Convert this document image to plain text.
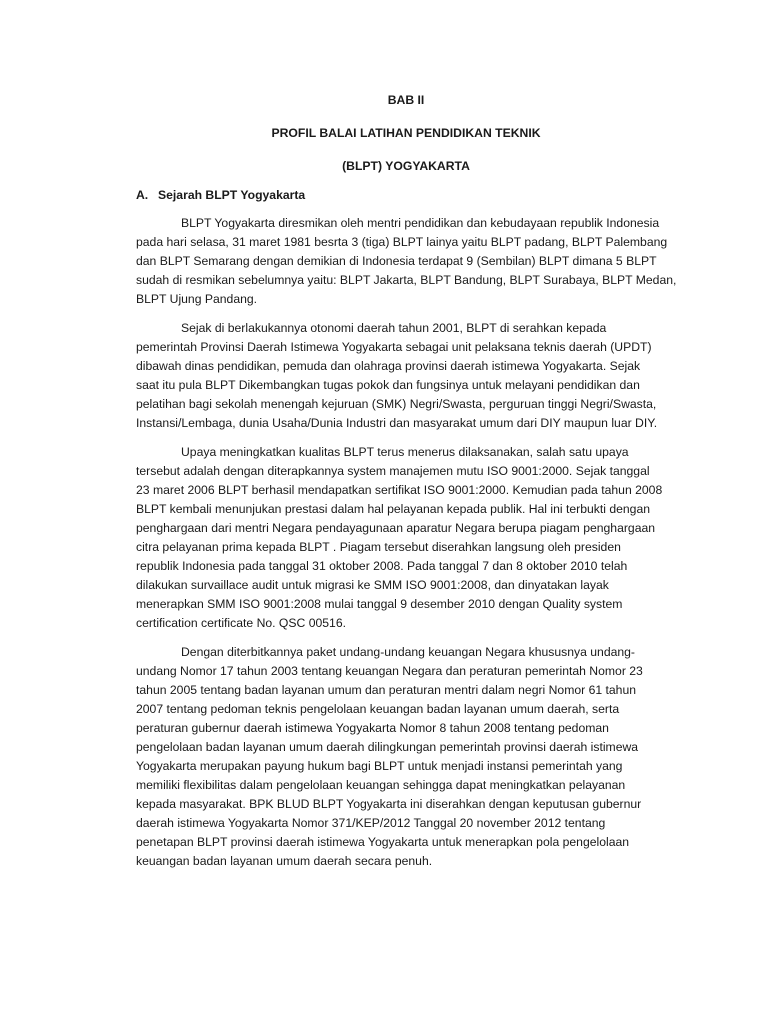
BAB II

PROFIL BALAI LATIHAN PENDIDIKAN TEKNIK

(BLPT) YOGYAKARTA

A. Sejarah BLPT Yogyakarta

BLPT Yogyakarta diresmikan oleh mentri pendidikan dan kebudayaan republik Indonesia
pada hari selasa, 31 maret 1981 besrta 3 (tiga) BLPT lainya yaitu BLPT padang, BLPT Palembang
dan BLPT Semarang dengan demikian di Indonesia terdapat 9 (Sembilan) BLPT dimana 5 BLPT
sudah di resmikan sebelumnya yaitu: BLPT Jakarta, BLPT Bandung, BLPT Surabaya, BLPT Medan,
BLPT Ujung Pandang.

Sejak di berlakukannya otonomi daerah tahun 2001, BLPT di serahkan kepada
pemerintah Provinsi Daerah Istimewa Yogyakarta sebagai unit pelaksana teknis daerah (UPDT)
dibawah dinas pendidikan, pemuda dan olahraga provinsi daerah istimewa Yogyakarta. Sejak
saat itu pula BLPT Dikembangkan tugas pokok dan fungsinya untuk melayani pendidikan dan
pelatihan bagi sekolah menengah kejuruan (SMK) Negri/Swasta, perguruan tinggi Negri/Swasta,
Instansi/Lembaga, dunia Usaha/Dunia Industri dan masyarakat umum dari DIY maupun luar DIY.

Upaya meningkatkan kualitas BLPT terus menerus dilaksanakan, salah satu upaya
tersebut adalah dengan diterapkannya system manajemen mutu ISO 9001:2000. Sejak tanggal
23 maret 2006 BLPT berhasil mendapatkan sertifikat ISO 9001:2000. Kemudian pada tahun 2008
BLPT kembali menunjukan prestasi dalam hal pelayanan kepada publik. Hal ini terbukti dengan
penghargaan dari mentri Negara pendayagunaan aparatur Negara berupa piagam penghargaan
citra pelayanan prima kepada BLPT . Piagam tersebut diserahkan langsung oleh presiden
republik Indonesia pada tanggal 31 oktober 2008. Pada tanggal 7 dan 8 oktober 2010 telah
dilakukan survaillace audit untuk migrasi ke SMM ISO 9001:2008, dan dinyatakan layak
menerapkan SMM ISO 9001:2008 mulai tanggal 9 desember 2010 dengan Quality system
certification certificate No. QSC 00516.

Dengan diterbitkannya paket undang-undang keuangan Negara khususnya undang-
undang Nomor 17 tahun 2003 tentang keuangan Negara dan peraturan pemerintah Nomor 23
tahun 2005 tentang badan layanan umum dan peraturan mentri dalam negri Nomor 61 tahun
2007 tentang pedoman teknis pengelolaan keuangan badan layanan umum daerah, serta
peraturan gubernur daerah istimewa Yogyakarta Nomor 8 tahun 2008 tentang pedoman
pengelolaan badan layanan umum daerah dilingkungan pemerintah provinsi daerah istimewa
Yogyakarta merupakan payung hukum bagi BLPT untuk menjadi instansi pemerintah yang
memiliki flexibilitas dalam pengelolaan keuangan sehingga dapat meningkatkan pelayanan
kepada masyarakat. BPK BLUD BLPT Yogyakarta ini diserahkan dengan keputusan gubernur
daerah istimewa Yogyakarta Nomor 371/KEP/2012 Tanggal 20 november 2012 tentang
penetapan BLPT provinsi daerah istimewa Yogyakarta untuk menerapkan pola pengelolaan
keuangan badan layanan umum daerah secara penuh.
